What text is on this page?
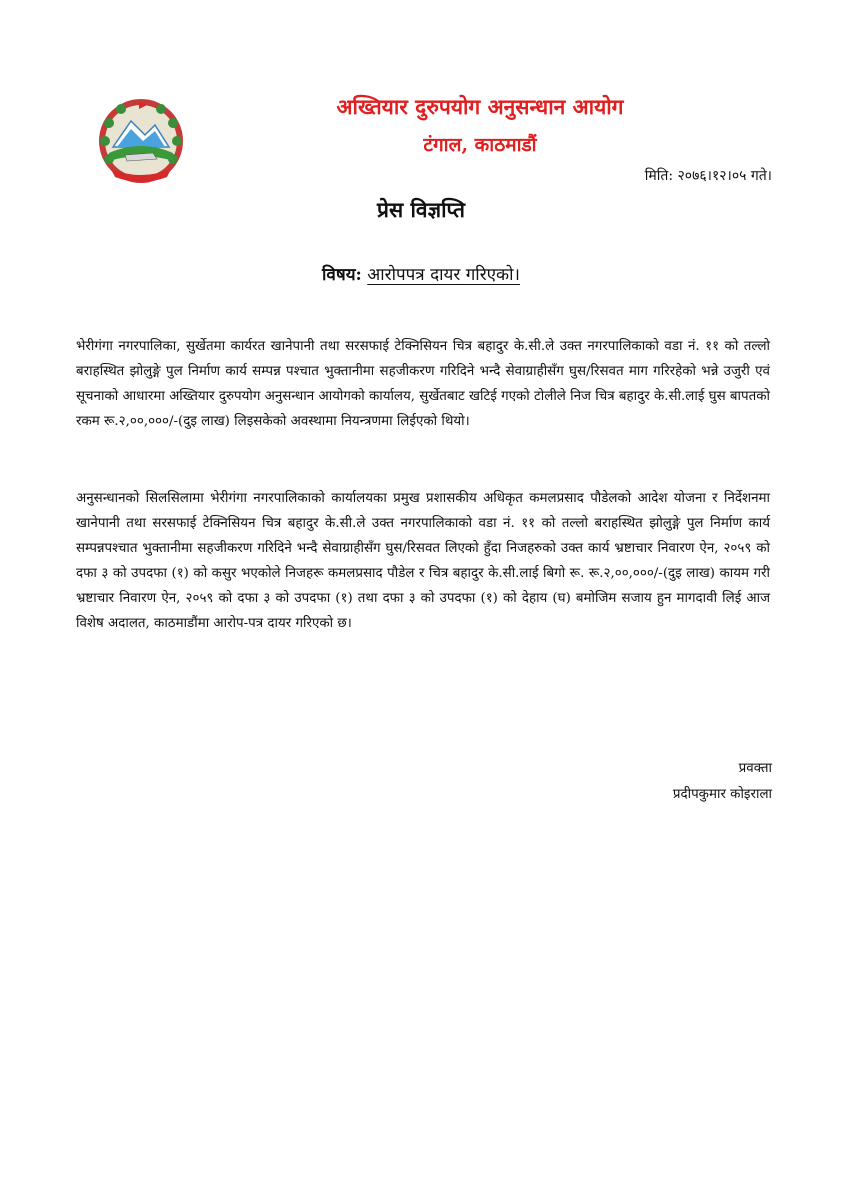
अख्तियार दुरुपयोग अनुसन्धान आयोग
टंगाल, काठमाडौं
मिति: २०७६।१२।०५ गते।
प्रेस विज्ञप्ति
विषय: आरोपपत्र दायर गरिएको।

भेरीगंगा नगरपालिका, सुर्खेतमा कार्यरत खानेपानी तथा सरसफाई टेक्निसियन चित्र बहादुर के.सी.ले उक्त नगरपालिकाको वडा नं. ११ को तल्लो बराहस्थित झोलुङ्गे पुल निर्माण कार्य सम्पन्न पश्चात भुक्तानीमा सहजीकरण गरिदिने भन्दै सेवाग्राहीसँग घुस/रिसवत माग गरिरहेको भन्ने उजुरी एवं सूचनाको आधारमा अख्तियार दुरुपयोग अनुसन्धान आयोगको कार्यालय, सुर्खेतबाट खटिई गएको टोलीले निज चित्र बहादुर के.सी.लाई घुस बापतको रकम रू.२,००,०००/-(दुइ लाख) लिइसकेको अवस्थामा नियन्त्रणमा लिईएको थियो।

अनुसन्धानको सिलसिलामा भेरीगंगा नगरपालिकाको कार्यालयका प्रमुख प्रशासकीय अधिकृत कमलप्रसाद पौडेलको आदेश योजना र निर्देशनमा खानेपानी तथा सरसफाई टेक्निसियन चित्र बहादुर के.सी.ले उक्त नगरपालिकाको वडा नं. ११ को तल्लो बराहस्थित झोलुङ्गे पुल निर्माण कार्य सम्पन्नपश्चात भुक्तानीमा सहजीकरण गरिदिने भन्दै सेवाग्राहीसँग घुस/रिसवत लिएको हुँदा निजहरुको उक्त कार्य भ्रष्टाचार निवारण ऐन, २०५९ को दफा ३ को उपदफा (१) को कसुर भएकोले निजहरू कमलप्रसाद पौडेल र चित्र बहादुर के.सी.लाई बिगो रू. रू.२,००,०००/-(दुइ लाख) कायम गरी भ्रष्टाचार निवारण ऐन, २०५९ को दफा ३ को उपदफा (१) तथा दफा ३ को उपदफा (१) को देहाय (घ) बमोजिम सजाय हुन मागदावी लिई आज विशेष अदालत, काठमाडौंमा आरोप-पत्र दायर गरिएको छ।

प्रवक्ता
प्रदीपकुमार कोइराला
